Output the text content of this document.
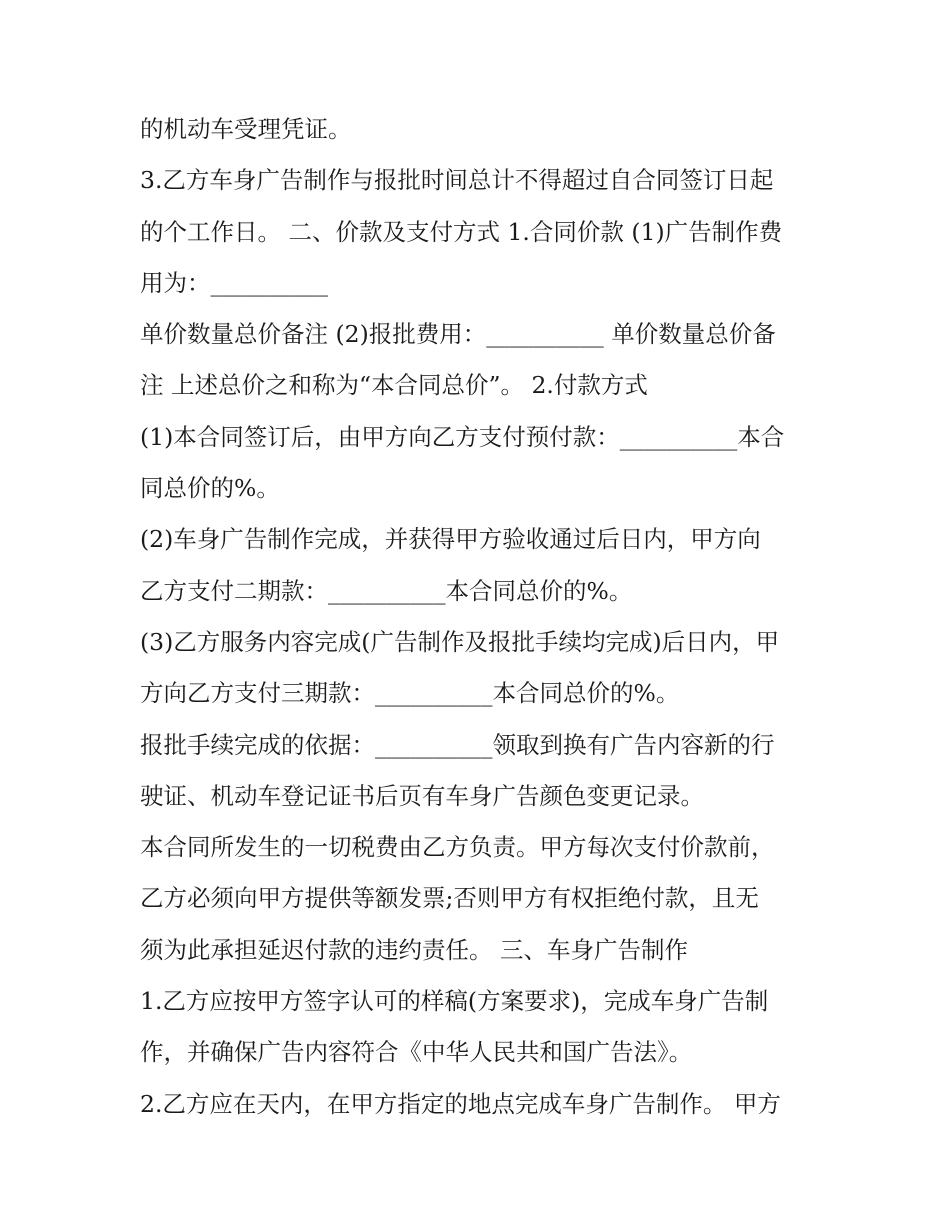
的机动车受理凭证。
3.乙方车身广告制作与报批时间总计不得超过自合同签订日起
的个工作日。 二、价款及支付方式 1.合同价款 (1)广告制作费
用为：__________
单价数量总价备注 (2)报批费用：__________ 单价数量总价备
注 上述总价之和称为“本合同总价”。 2.付款方式
(1)本合同签订后，由甲方向乙方支付预付款：__________本合
同总价的%。
(2)车身广告制作完成，并获得甲方验收通过后日内，甲方向
乙方支付二期款：__________本合同总价的%。
(3)乙方服务内容完成(广告制作及报批手续均完成)后日内，甲
方向乙方支付三期款：__________本合同总价的%。
报批手续完成的依据：__________领取到换有广告内容新的行
驶证、机动车登记证书后页有车身广告颜色变更记录。
本合同所发生的一切税费由乙方负责。甲方每次支付价款前，
乙方必须向甲方提供等额发票;否则甲方有权拒绝付款，且无
须为此承担延迟付款的违约责任。 三、车身广告制作
1.乙方应按甲方签字认可的样稿(方案要求)，完成车身广告制
作，并确保广告内容符合《中华人民共和国广告法》。
2.乙方应在天内，在甲方指定的地点完成车身广告制作。 甲方
